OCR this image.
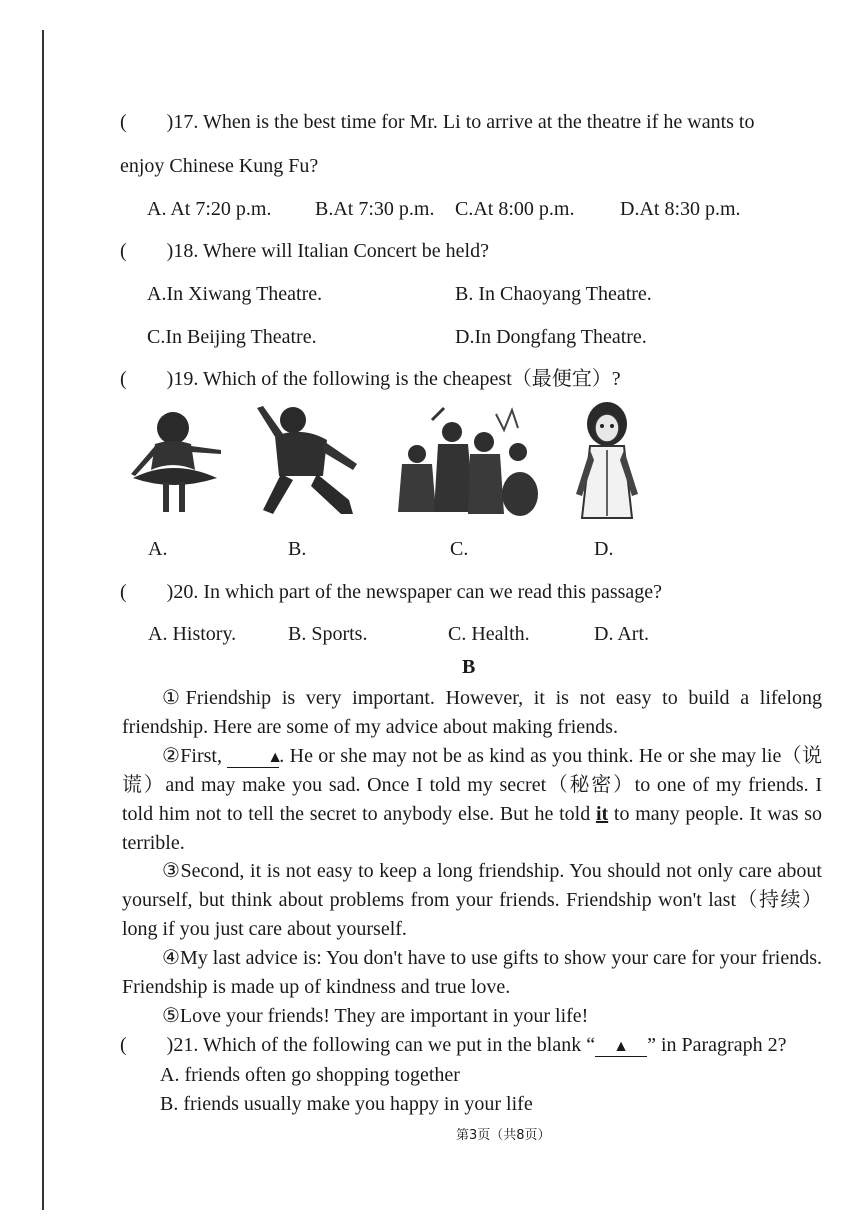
(        )17. When is the best time for Mr. Li to arrive at the theatre if he wants to
enjoy Chinese Kung Fu?
A. At 7:20 p.m. B.At 7:30 p.m. C.At 8:00 p.m. D.At 8:30 p.m.
(        )18. Where will Italian Concert be held?
A.In Xiwang Theatre.	B. In Chaoyang Theatre.
C.In Beijing Theatre.	D.In Dongfang Theatre.
(        )19. Which of the following is the cheapest（最便宜）?
A.	B.	C.	D.
(        )20. In which part of the newspaper can we read this passage?
A. History.	B. Sports.	C. Health.	D. Art.
B
①Friendship is very important. However, it is not easy to build a lifelong friendship. Here are some of my advice about making friends.
②First,	▲. He or she may not be as kind as you think. He or she may lie（说谎）and may make you sad. Once I told my secret（秘密）to one of my friends. I told him not to tell the secret to anybody else. But he told it to many people. It was so terrible.
③Second, it is not easy to keep a long friendship. You should not only care about yourself, but think about problems from your friends. Friendship won't last（持续）long if you just care about yourself.
④My last advice is: You don't have to use gifts to show your care for your friends. Friendship is made up of kindness and true love.
⑤Love your friends! They are important in your life!
(        )21. Which of the following can we put in the blank “ ▲ ” in Paragraph 2?
A. friends often go shopping together
B. friends usually make you happy in your life
第3页（共8页）
